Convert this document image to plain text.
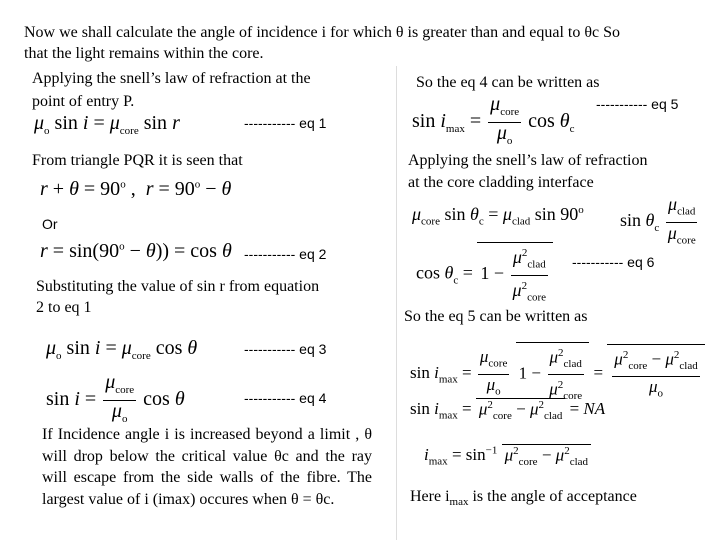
Now we shall calculate the angle of incidence i for which θ is greater than and equal to θc So
that the light remains within the core.
Applying the snell’s law of refraction at the
point of entry P.
$\mu_o$ $\sin i = \mu_{core}$ sin r	----------- eq 1
From triangle PQR it is seen that
$r + \theta = 90^o$ ,  $r = 90^o - \theta$
Or
$r = \sin(90^o - \theta)) = \cos \theta$ ----------- eq 2
Substituting the value of sin r from equation
2 to eq 1
$\mu_o$ $\sin i = \mu_{core}$ cos θ	----------- eq 3
$\sin i = \frac{\mu_{core}}{\mu_o}$ cos θ	----------- eq 4
If Incidence angle i is increased beyond a limit , θ will drop below the critical value θc and the ray will escape from the side walls of the fibre. The largest value of i (imax) occures when θ = θc.
So the eq 4 can be written as
$\sin i_{max} = \frac{\mu_{core}}{\mu_o}$ $\cos \theta_c$
----------- eq 5
Applying the snell’s law of refraction
at the core cladding interface
$\mu_{core}$ $\sin \theta_c = \mu_{clad}$ sin 90$^o$
$\sin \theta_c \frac{\mu_{clad}}{\mu_{core}}$
$\cos \theta_c = 1 - \frac{\mu^2_{clad}}{\mu^2_{core}}$ ----------- eq 6
So the eq 5 can be written as
$\sin i_{max} = \frac{\mu_{core}}{\mu_o} 1 - \frac{\mu^2_{clad}}{\mu^2_{core}} = \frac{\mu^2_{core} - \mu^2_{clad}}{\mu_o}$
$\sin i_{max} = \mu^2_{core} - \mu^2_{clad}$ = NA
$i_{max} = \sin^{-1} \mu^2_{core} - \mu^2_{clad}$
Here $i_{max}$ is the angle of acceptance
